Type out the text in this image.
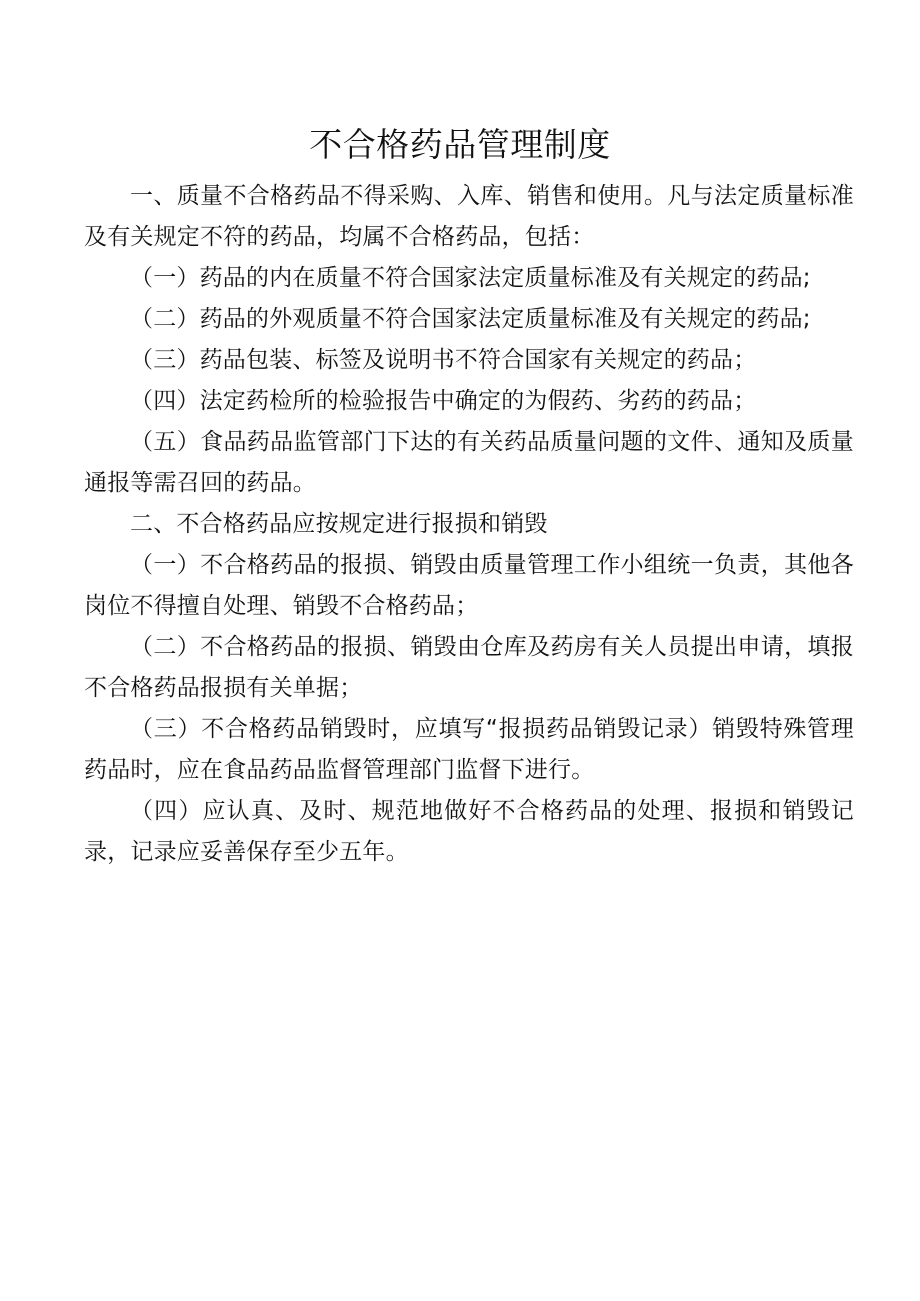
不合格药品管理制度

一、质量不合格药品不得采购、入库、销售和使用。凡与法定质量标准及有关规定不符的药品，均属不合格药品，包括：

（一）药品的内在质量不符合国家法定质量标准及有关规定的药品;

（二）药品的外观质量不符合国家法定质量标准及有关规定的药品;

（三）药品包装、标签及说明书不符合国家有关规定的药品；

（四）法定药检所的检验报告中确定的为假药、劣药的药品；

（五）食品药品监管部门下达的有关药品质量问题的文件、通知及质量通报等需召回的药品。

二、不合格药品应按规定进行报损和销毁

（一）不合格药品的报损、销毁由质量管理工作小组统一负责，其他各岗位不得擅自处理、销毁不合格药品；

（二）不合格药品的报损、销毁由仓库及药房有关人员提出申请，填报不合格药品报损有关单据；

（三）不合格药品销毁时，应填写“报损药品销毁记录）销毁特殊管理药品时，应在食品药品监督管理部门监督下进行。

（四）应认真、及时、规范地做好不合格药品的处理、报损和销毁记录，记录应妥善保存至少五年。
